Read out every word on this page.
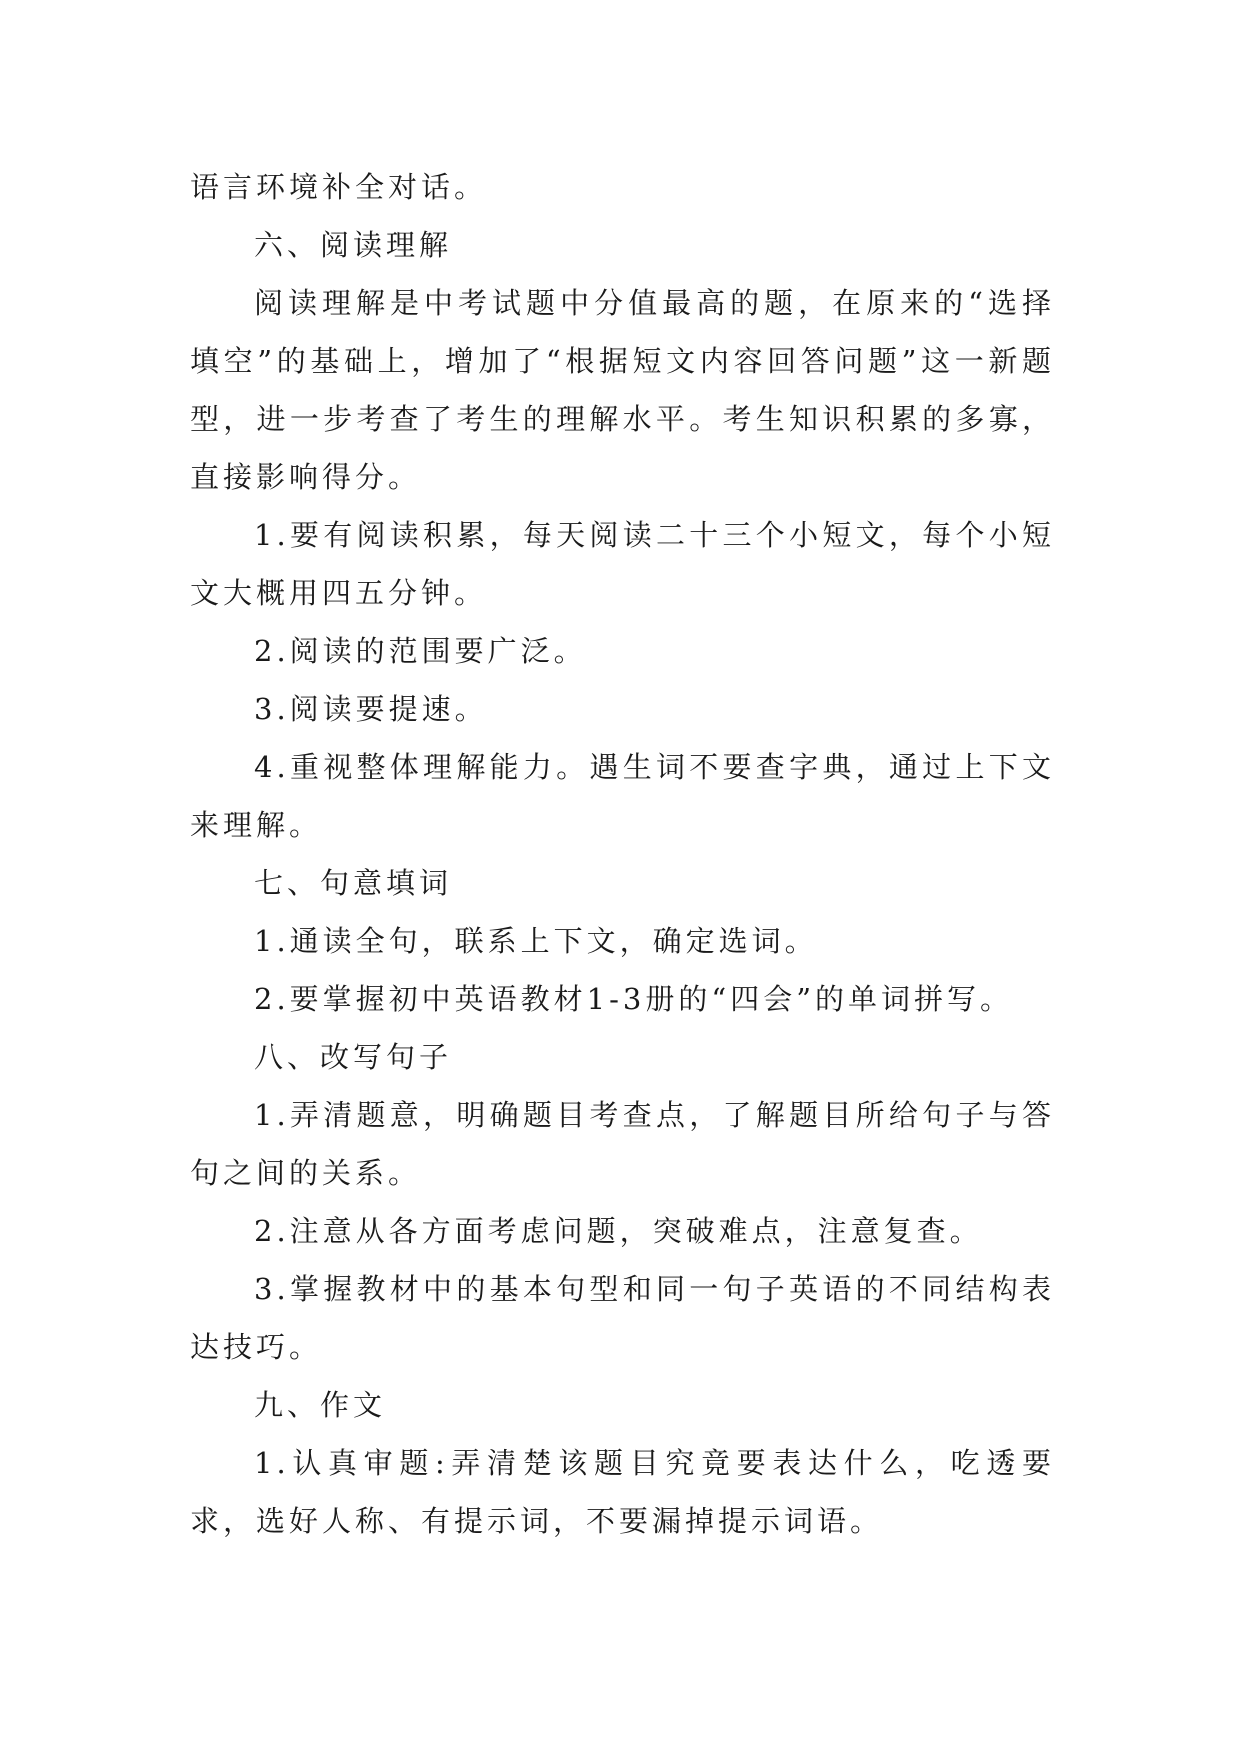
语言环境补全对话。

六、阅读理解

阅读理解是中考试题中分值最高的题，在原来的“选择填空”的基础上，增加了“根据短文内容回答问题”这一新题型，进一步考查了考生的理解水平。考生知识积累的多寡，直接影响得分。

1.要有阅读积累，每天阅读二十三个小短文，每个小短文大概用四五分钟。

2.阅读的范围要广泛。

3.阅读要提速。

4.重视整体理解能力。遇生词不要查字典，通过上下文来理解。

七、句意填词

1.通读全句，联系上下文，确定选词。

2.要掌握初中英语教材1-3册的“四会”的单词拼写。

八、改写句子

1.弄清题意，明确题目考查点，了解题目所给句子与答句之间的关系。

2.注意从各方面考虑问题，突破难点，注意复查。

3.掌握教材中的基本句型和同一句子英语的不同结构表达技巧。

九、作文

1.认真审题:弄清楚该题目究竟要表达什么，吃透要求，选好人称、有提示词，不要漏掉提示词语。
